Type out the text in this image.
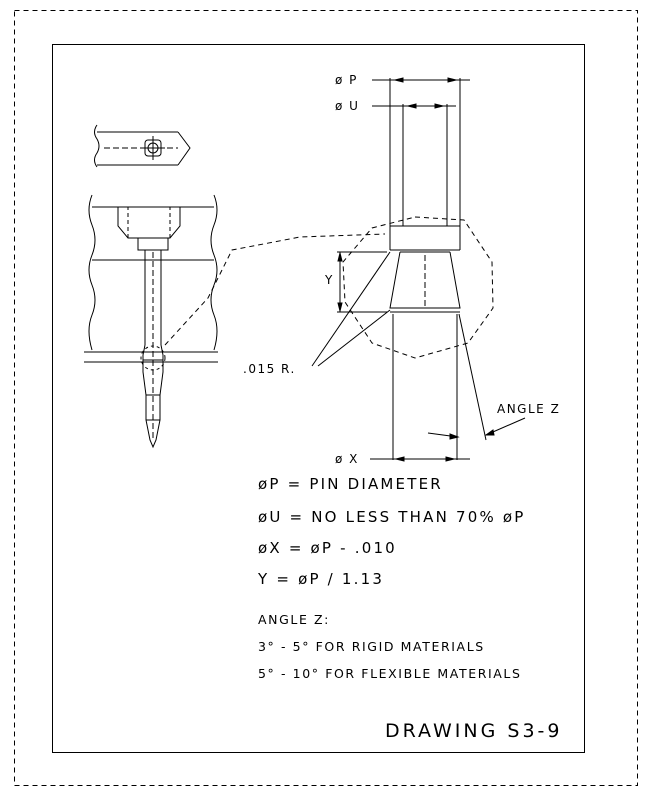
ø P
ø U
Y
ø X
.015 R.
ANGLE Z
øP = PIN DIAMETER
øU = NO LESS THAN 70% øP
øX = øP - .010
Y = øP / 1.13
ANGLE Z:
3° - 5° FOR RIGID MATERIALS
5° - 10° FOR FLEXIBLE MATERIALS
DRAWING S3-9
